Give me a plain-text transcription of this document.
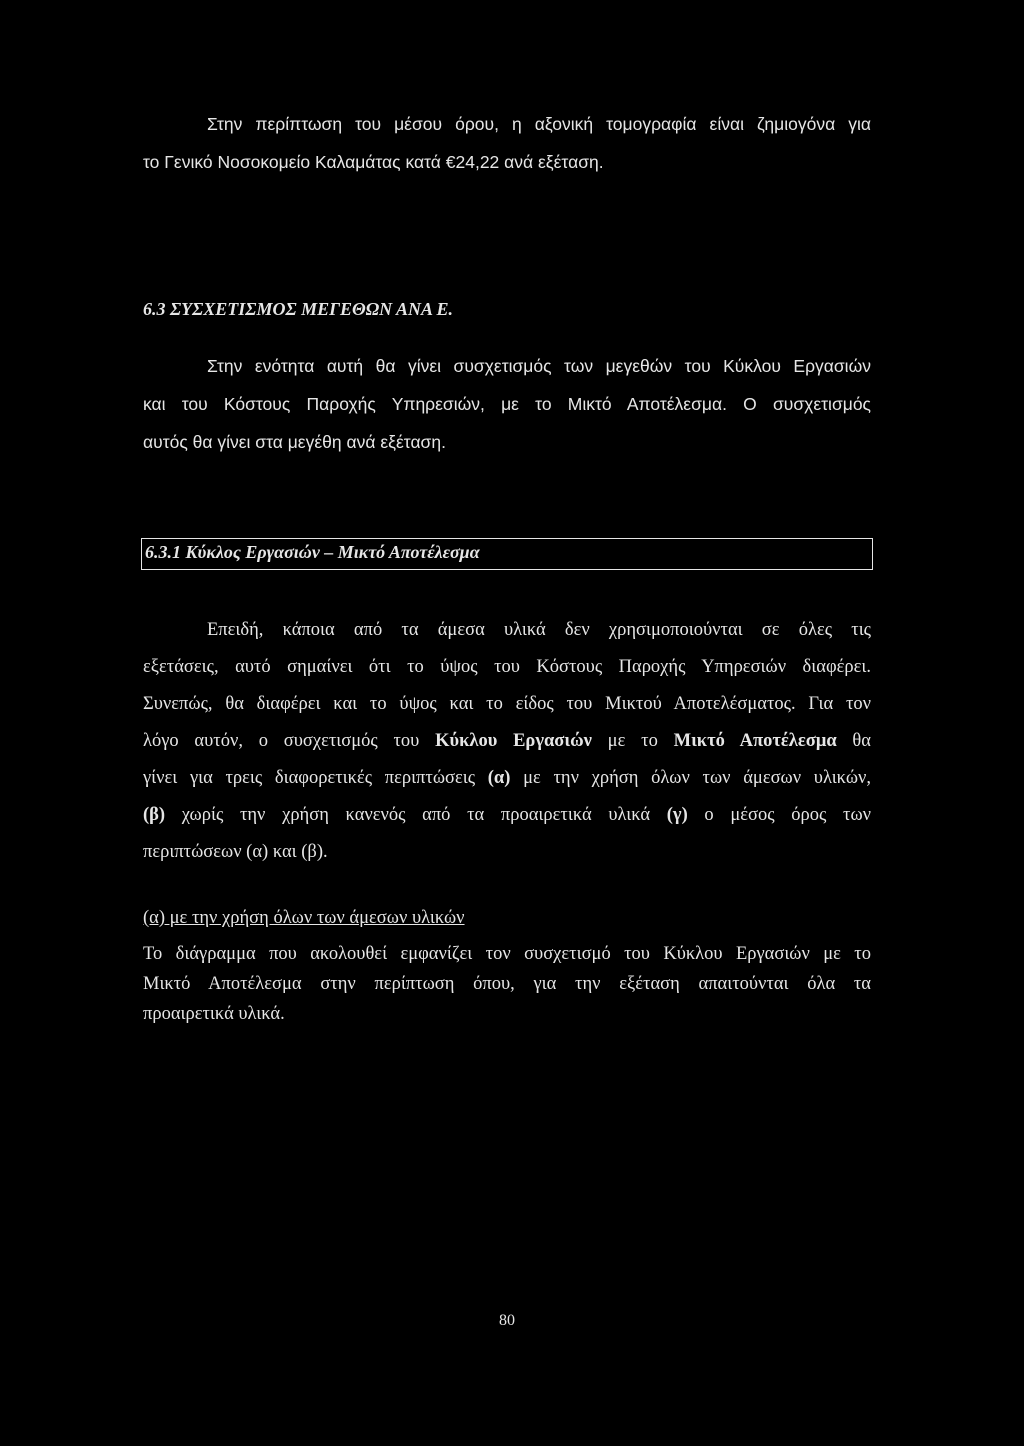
Στην περίπτωση του μέσου όρου, η αξονική τομογραφία είναι ζημιογόνα για
το Γενικό Νοσοκομείο Καλαμάτας κατά €24,22 ανά εξέταση.
6.3 ΣΥΣΧΕΤΙΣΜΟΣ ΜΕΓΕΘΩΝ ΑΝΑ Ε.
Στην ενότητα αυτή θα γίνει συσχετισμός των μεγεθών του Κύκλου Εργασιών
και του Κόστους Παροχής Υπηρεσιών, με το Μικτό Αποτέλεσμα. Ο συσχετισμός
αυτός θα γίνει στα μεγέθη ανά εξέταση.
6.3.1 Κύκλος Εργασιών – Μικτό Αποτέλεσμα
Επειδή, κάποια από τα άμεσα υλικά δεν χρησιμοποιούνται σε όλες τις
εξετάσεις, αυτό σημαίνει ότι το ύψος του Κόστους Παροχής Υπηρεσιών διαφέρει.
Συνεπώς, θα διαφέρει και το ύψος και το είδος του Μικτού Αποτελέσματος. Για τον
λόγο αυτόν, ο συσχετισμός του Κύκλου Εργασιών με το Μικτό Αποτέλεσμα θα
γίνει για τρεις διαφορετικές περιπτώσεις (α) με την χρήση όλων των άμεσων υλικών,
(β) χωρίς την χρήση κανενός από τα προαιρετικά υλικά (γ) ο μέσος όρος των
περιπτώσεων (α) και (β).
(α) με την χρήση όλων των άμεσων υλικών
Το διάγραμμα που ακολουθεί εμφανίζει τον συσχετισμό του Κύκλου Εργασιών με το
Μικτό Αποτέλεσμα στην περίπτωση όπου, για την εξέταση απαιτούνται όλα τα
προαιρετικά υλικά.
80
